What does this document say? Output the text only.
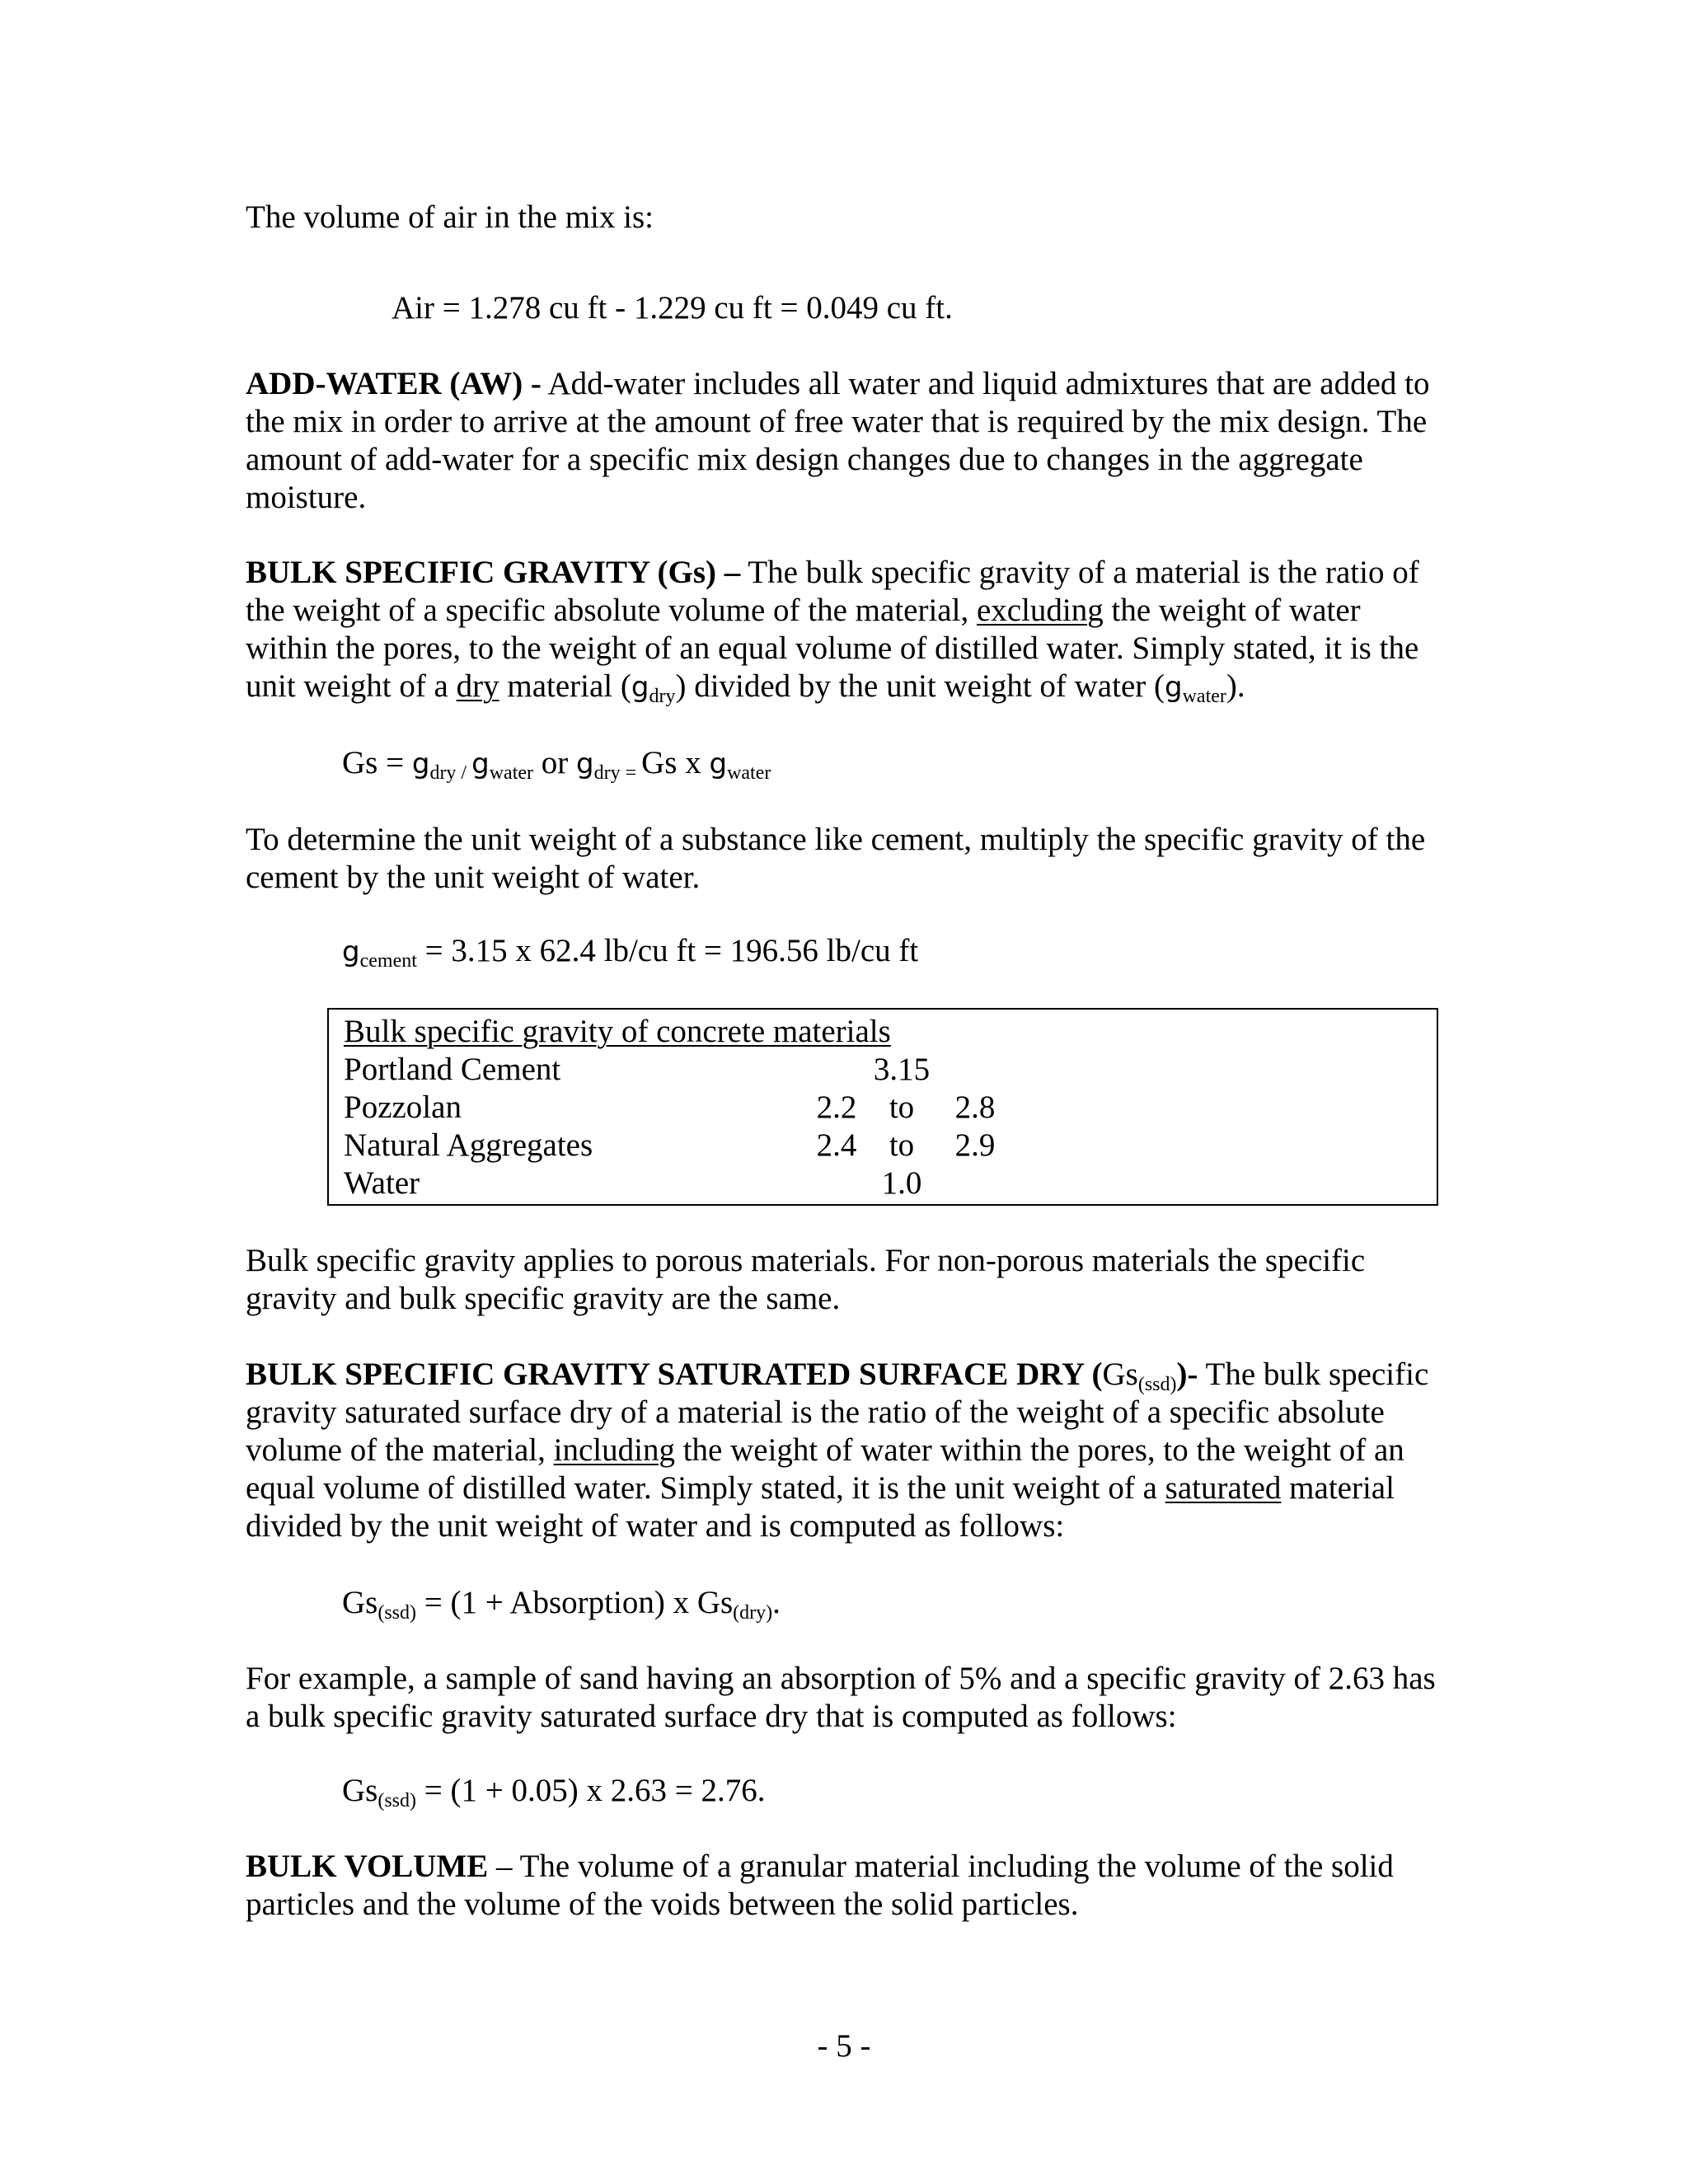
The volume of air in the mix is:

Air = 1.278 cu ft - 1.229 cu ft = 0.049 cu ft.

ADD-WATER (AW) - Add-water includes all water and liquid admixtures that are added to the mix in order to arrive at the amount of free water that is required by the mix design. The amount of add-water for a specific mix design changes due to changes in the aggregate moisture.

BULK SPECIFIC GRAVITY (Gs) – The bulk specific gravity of a material is the ratio of the weight of a specific absolute volume of the material, excluding the weight of water within the pores, to the weight of an equal volume of distilled water. Simply stated, it is the unit weight of a dry material $(g_{dry})$ divided by the unit weight of water $(g_{water})$.

$Gs = g_{dry /}$ $g_{water}$ or $g_{dry =}$ Gs x $g_{water}$

To determine the unit weight of a substance like cement, multiply the specific gravity of the cement by the unit weight of water.

$g_{cement} = 3.15$ x 62.4 lb/cu ft = 196.56 lb/cu ft

Bulk specific gravity of concrete materials
Portland Cement	3.15
Pozzolan	2.2	to	2.8
Natural Aggregates	2.4	to	2.9
Water	1.0

Bulk specific gravity applies to porous materials. For non-porous materials the specific gravity and bulk specific gravity are the same.

BULK SPECIFIC GRAVITY SATURATED SURFACE DRY $(Gs_{(ssd)})-$ The bulk specific gravity saturated surface dry of a material is the ratio of the weight of a specific absolute volume of the material, including the weight of water within the pores, to the weight of an equal volume of distilled water. Simply stated, it is the unit weight of a saturated material divided by the unit weight of water and is computed as follows:

$Gs_{(ssd)} = (1$ + Absorption) x $Gs_{(dry)}$.

For example, a sample of sand having an absorption of 5% and a specific gravity of 2.63 has a bulk specific gravity saturated surface dry that is computed as follows:

$Gs_{(ssd)} = (1 + 0.05)$ x 2.63 = 2.76.

BULK VOLUME – The volume of a granular material including the volume of the solid particles and the volume of the voids between the solid particles.

- 5 -
